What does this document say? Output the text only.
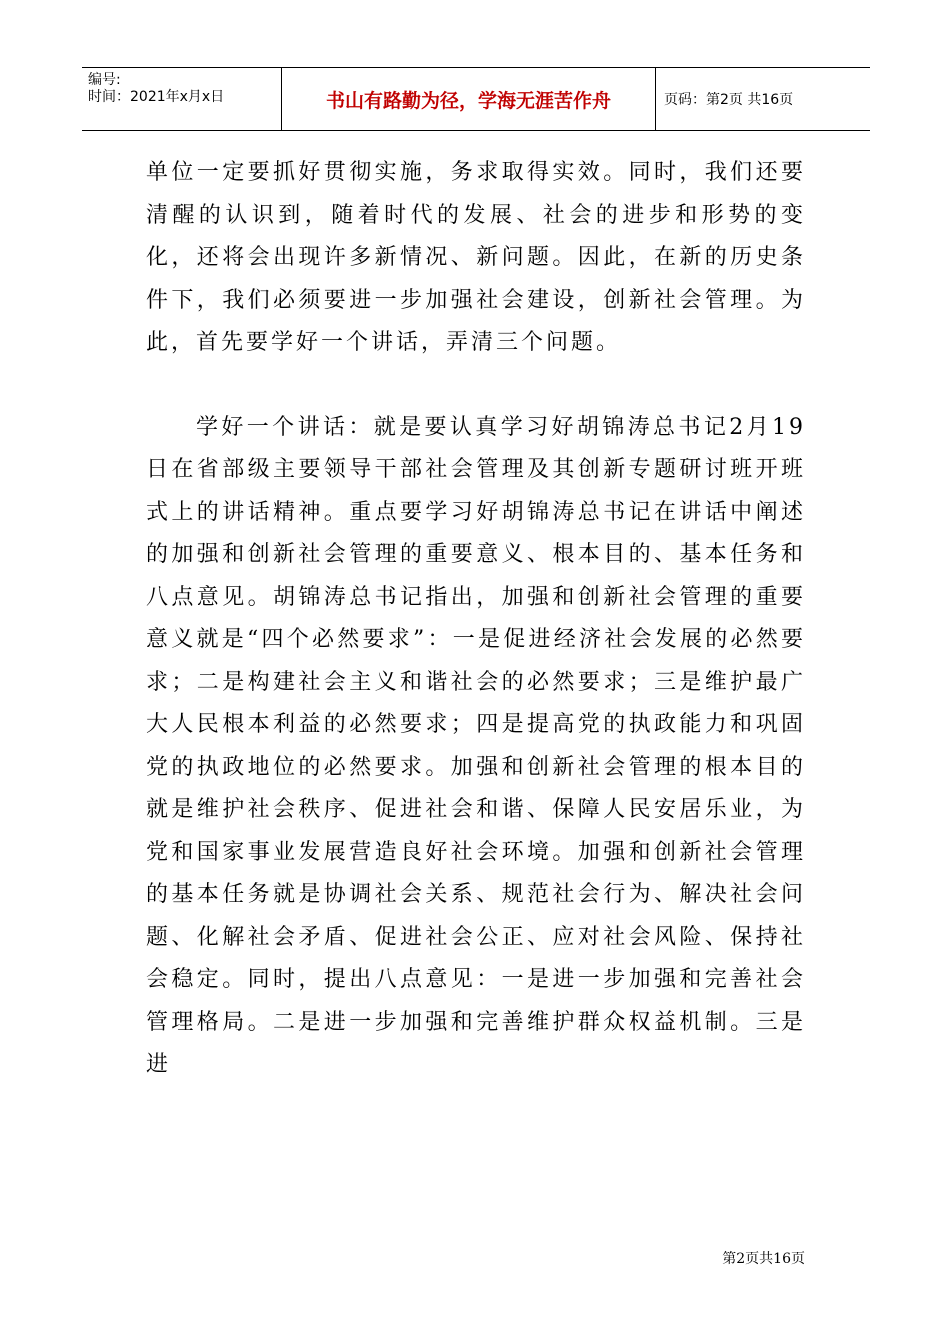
编号:
时间：2021年x月x日	书山有路勤为径，学海无涯苦作舟	页码：第2页 共16页

单位一定要抓好贯彻实施，务求取得实效。同时，我们还要清醒的认识到，随着时代的发展、社会的进步和形势的变化，还将会出现许多新情况、新问题。因此，在新的历史条件下，我们必须要进一步加强社会建设，创新社会管理。为此，首先要学好一个讲话，弄清三个问题。

学好一个讲话：就是要认真学习好胡锦涛总书记2月19日在省部级主要领导干部社会管理及其创新专题研讨班开班式上的讲话精神。重点要学习好胡锦涛总书记在讲话中阐述的加强和创新社会管理的重要意义、根本目的、基本任务和八点意见。胡锦涛总书记指出，加强和创新社会管理的重要意义就是“四个必然要求”：一是促进经济社会发展的必然要求；二是构建社会主义和谐社会的必然要求；三是维护最广大人民根本利益的必然要求；四是提高党的执政能力和巩固党的执政地位的必然要求。加强和创新社会管理的根本目的就是维护社会秩序、促进社会和谐、保障人民安居乐业，为党和国家事业发展营造良好社会环境。加强和创新社会管理的基本任务就是协调社会关系、规范社会行为、解决社会问题、化解社会矛盾、促进社会公正、应对社会风险、保持社会稳定。同时，提出八点意见：一是进一步加强和完善社会管理格局。二是进一步加强和完善维护群众权益机制。三是进

第2页共16页
